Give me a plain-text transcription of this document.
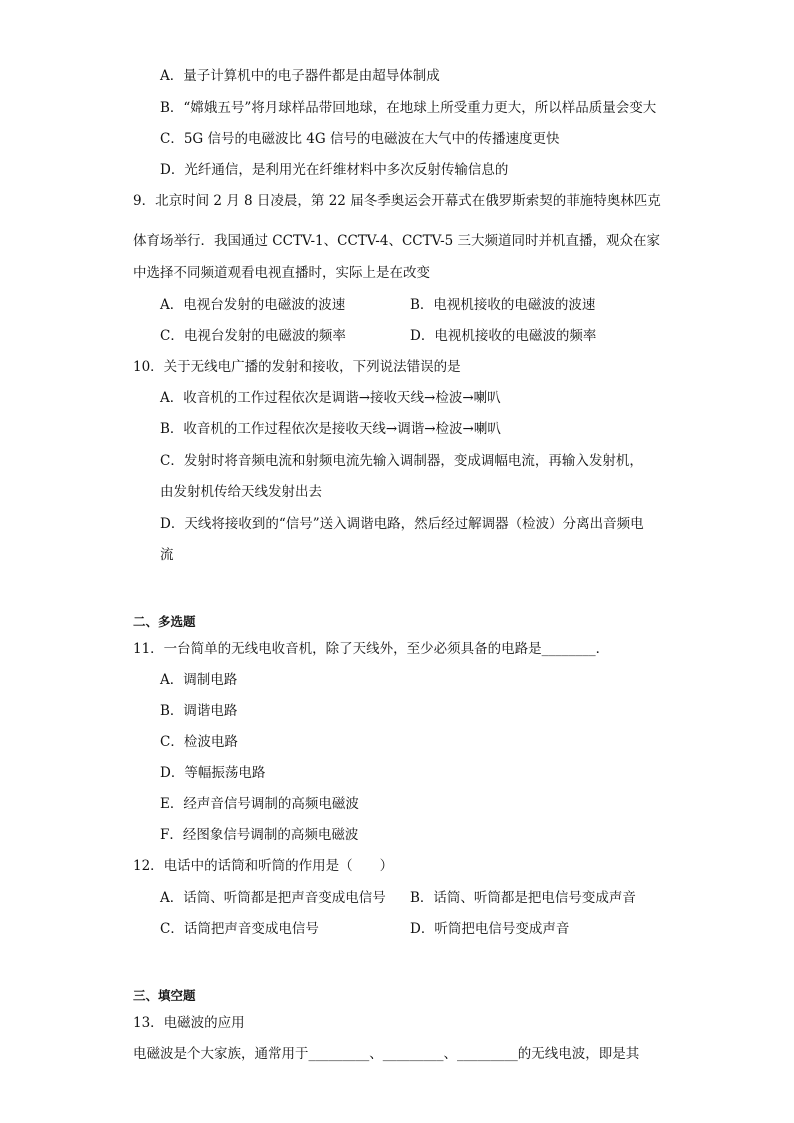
A．量子计算机中的电子器件都是由超导体制成
B．“嫦娥五号”将月球样品带回地球，在地球上所受重力更大，所以样品质量会变大
C．5G 信号的电磁波比 4G 信号的电磁波在大气中的传播速度更快
D．光纤通信，是利用光在纤维材料中多次反射传输信息的
9．北京时间 2 月 8 日凌晨，第 22 届冬季奥运会开幕式在俄罗斯索契的菲施特奥林匹克
体育场举行．我国通过 CCTV-1、CCTV-4、CCTV-5 三大频道同时并机直播，观众在家
中选择不同频道观看电视直播时，实际上是在改变
A．电视台发射的电磁波的波速	B．电视机接收的电磁波的波速
C．电视台发射的电磁波的频率	D．电视机接收的电磁波的频率
10．关于无线电广播的发射和接收，下列说法错误的是
A．收音机的工作过程依次是调谐→接收天线→检波→喇叭
B．收音机的工作过程依次是接收天线→调谐→检波→喇叭
C．发射时将音频电流和射频电流先输入调制器，变成调幅电流，再输入发射机，
由发射机传给天线发射出去
D．天线将接收到的“信号”送入调谐电路，然后经过解调器（检波）分离出音频电
流
二、多选题
11．一台简单的无线电收音机，除了天线外，至少必须具备的电路是________．
A．调制电路
B．调谐电路
C．检波电路
D．等幅振荡电路
E．经声音信号调制的高频电磁波
F．经图象信号调制的高频电磁波
12．电话中的话筒和听筒的作用是（　　）
A．话筒、听筒都是把声音变成电信号 B．话筒、听筒都是把电信号变成声音
C．话筒把声音变成电信号	D．听筒把电信号变成声音
三、填空题
13．电磁波的应用
电磁波是个大家族，通常用于_________、_________、_________的无线电波，即是其
